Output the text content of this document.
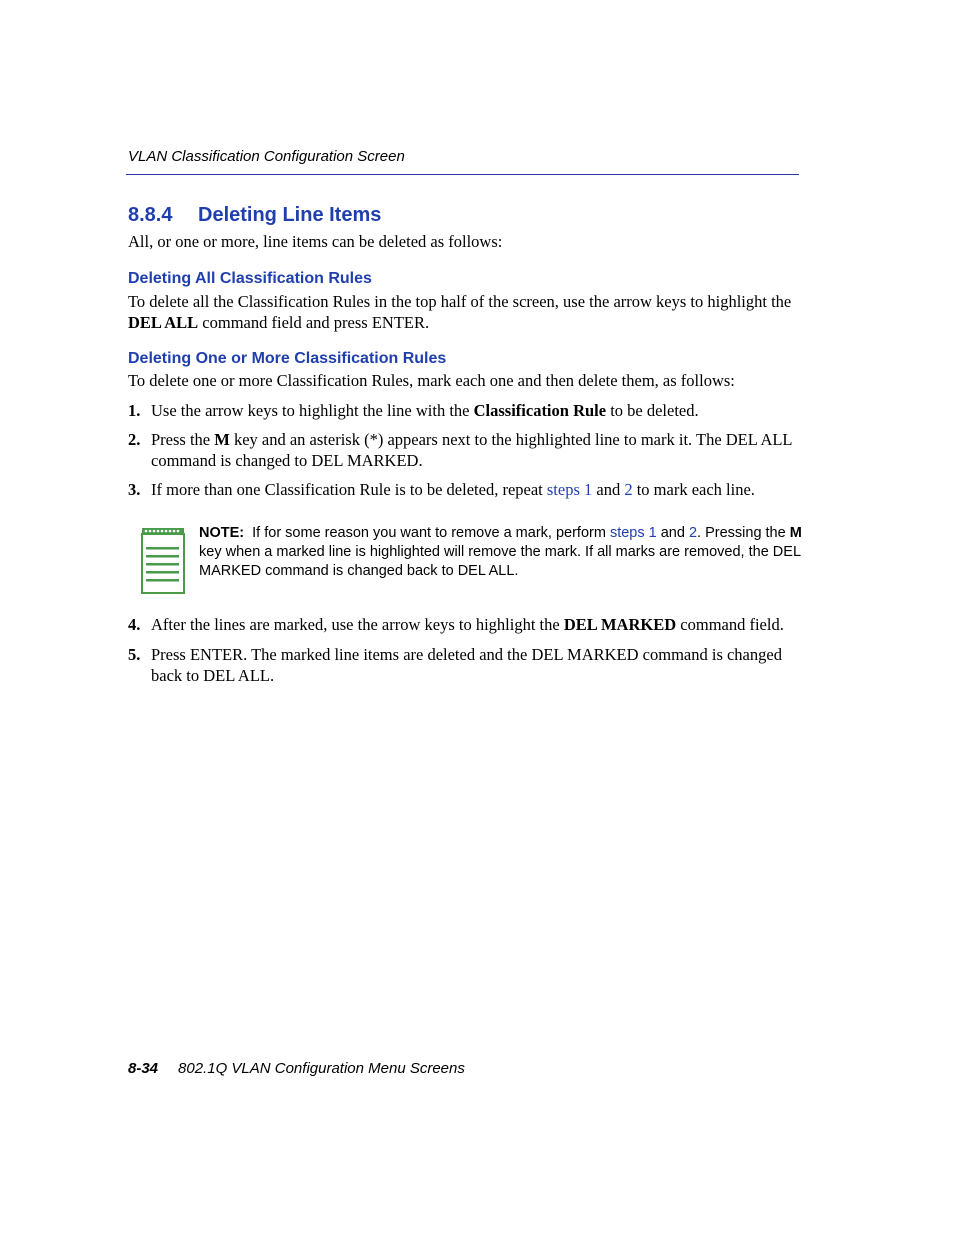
VLAN Classification Configuration Screen
8.8.4 Deleting Line Items

All, or one or more, line items can be deleted as follows:

Deleting All Classification Rules

To delete all the Classification Rules in the top half of the screen, use the arrow keys to highlight the DEL ALL command field and press ENTER.

Deleting One or More Classification Rules

To delete one or more Classification Rules, mark each one and then delete them, as follows:

1. Use the arrow keys to highlight the line with the Classification Rule to be deleted.
2. Press the M key and an asterisk (*) appears next to the highlighted line to mark it. The DEL ALL command is changed to DEL MARKED.
3. If more than one Classification Rule is to be deleted, repeat steps 1 and 2 to mark each line.
NOTE: If for some reason you want to remove a mark, perform steps 1 and 2. Pressing the M key when a marked line is highlighted will remove the mark. If all marks are removed, the DEL MARKED command is changed back to DEL ALL.
4. After the lines are marked, use the arrow keys to highlight the DEL MARKED command field.
5. Press ENTER. The marked line items are deleted and the DEL MARKED command is changed back to DEL ALL.
8-34 802.1Q VLAN Configuration Menu Screens
